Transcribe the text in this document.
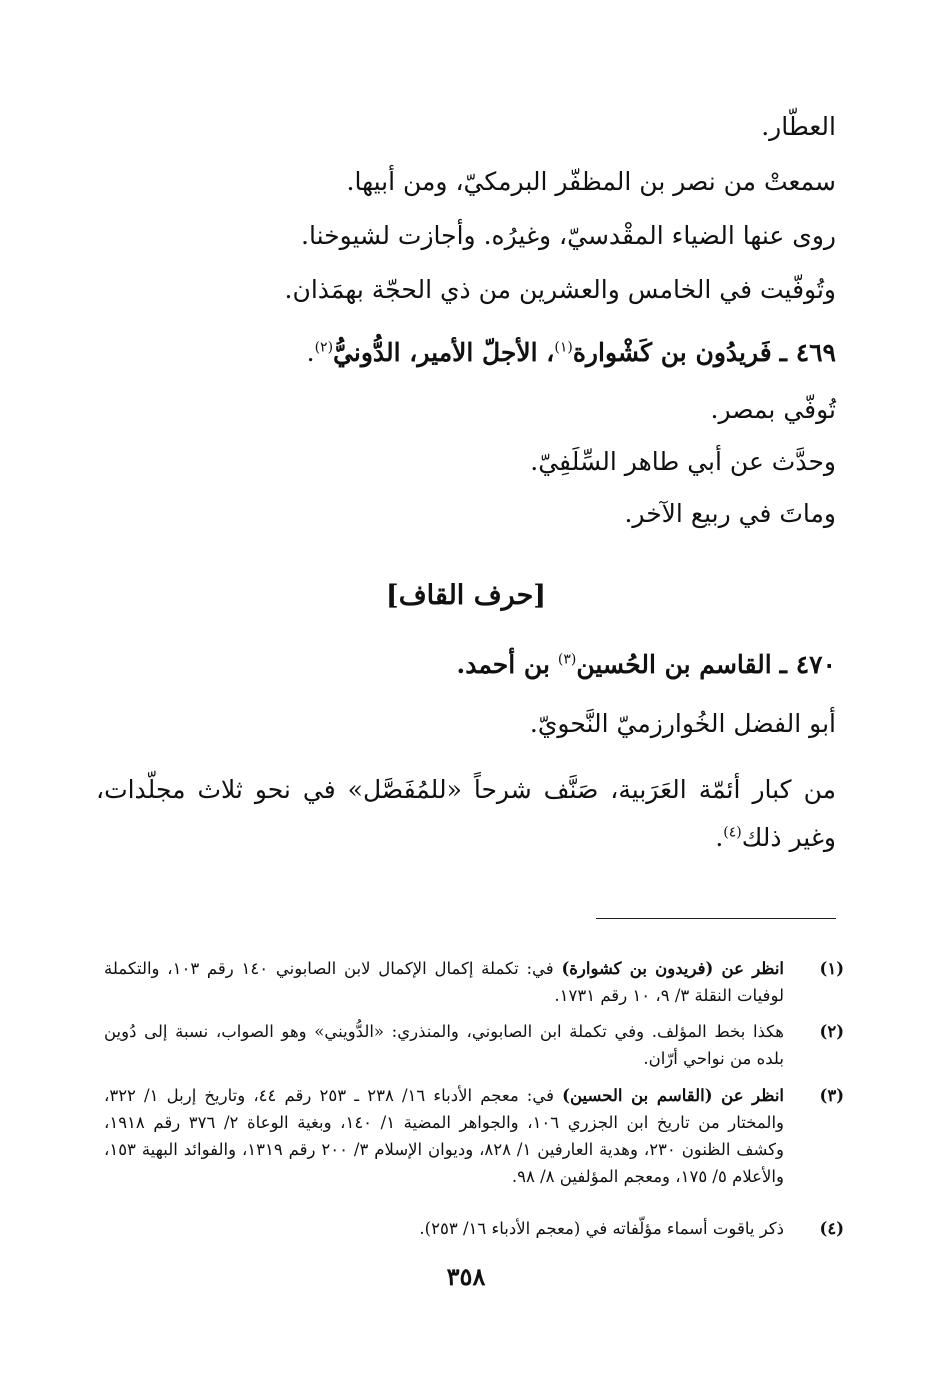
العطّار.
سمعتْ من نصر بن المظفّر البرمكيّ، ومن أبيها.
روى عنها الضياء المقْدسيّ، وغيرُه. وأجازت لشيوخنا.
وتُوفّيت في الخامس والعشرين من ذي الحجّة بهمَذان.
٤٦٩ ـ فَريدُون بن كَشْوارة$^{(١)}$، الأجلّ الأمير، الدُّونيُّ$^{(٢)}$.
تُوفّي بمصر.
وحدَّث عن أبي طاهر السِّلَفِيّ.
وماتَ في ربيع الآخر.
[حرف القاف]
٤٧٠ ـ القاسم بن الحُسين$^{(٣)}$ بن أحمد.
أبو الفضل الخُوارزميّ النَّحويّ.
من كبار أئمّة العَرَبية، صَنَّف شرحاً «للمُفَصَّل» في نحو ثلاث مجلّدات، وغير ذلك$^{(٤)}$.
(١)
انظر عن (فريدون بن كشوارة) في: تكملة إكمال الإكمال لابن الصابوني ١٤٠ رقم ١٠٣، والتكملة لوفيات النقلة ٣/ ٩، ١٠ رقم ١٧٣١.
(٢)
هكذا بخط المؤلف. وفي تكملة ابن الصابوني، والمنذري: «الدُّويني» وهو الصواب، نسبة إلى دُوين بلده من نواحي أرّان.
(٣)
انظر عن (القاسم بن الحسين) في: معجم الأدباء ١٦/ ٢٣٨ ـ ٢٥٣ رقم ٤٤، وتاريخ إربل ١/ ٣٢٢، والمختار من تاريخ ابن الجزري ١٠٦، والجواهر المضية ١/ ١٤٠، وبغية الوعاة ٢/ ٣٧٦ رقم ١٩١٨، وكشف الظنون ٢٣٠، وهدية العارفين ١/ ٨٢٨، وديوان الإسلام ٣/ ٢٠٠ رقم ١٣١٩، والفوائد البهية ١٥٣، والأعلام ٥/ ١٧٥، ومعجم المؤلفين ٨/ ٩٨.
(٤)
ذكر ياقوت أسماء مؤلّفاته في (معجم الأدباء ١٦/ ٢٥٣).
٣٥٨
